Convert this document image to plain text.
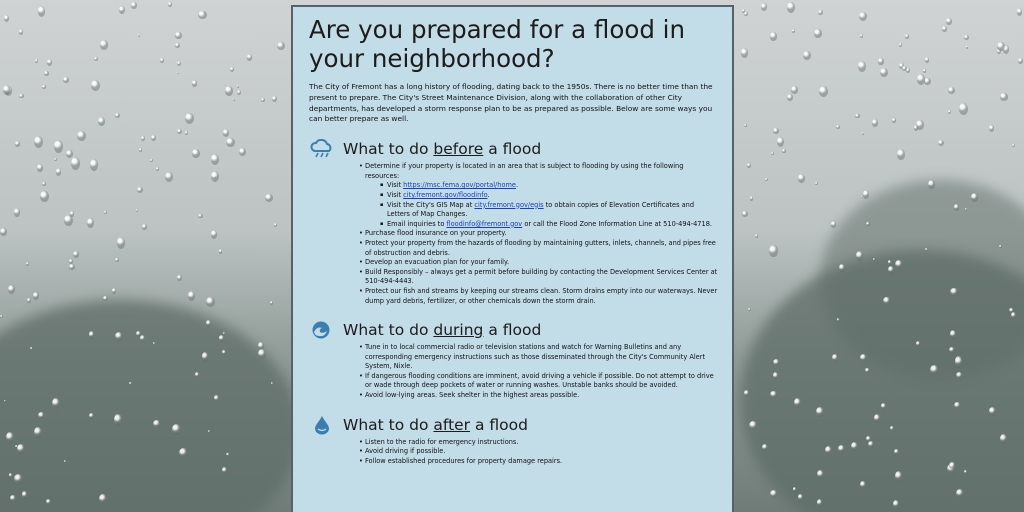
Are you prepared for a flood in your neighborhood?

The City of Fremont has a long history of flooding, dating back to the 1950s. There is no better time than the present to prepare. The City's Street Maintenance Division, along with the collaboration of other City departments, has developed a storm response plan to be as prepared as possible. Below are some ways you can better prepare as well.

What to do before a flood
• Determine if your property is located in an area that is subject to flooding by using the following resources:
▪ Visit https://msc.fema.gov/portal/home.
▪ Visit city.fremont.gov/floodinfo.
▪ Visit the City's GIS Map at city.fremont.gov/egis to obtain copies of Elevation Certificates and Letters of Map Changes.
▪ Email inquiries to floodinfo@fremont.gov or call the Flood Zone Information Line at 510-494-4718.
• Purchase flood insurance on your property.
• Protect your property from the hazards of flooding by maintaining gutters, inlets, channels, and pipes free of obstruction and debris.
• Develop an evacuation plan for your family.
• Build Responsibly – always get a permit before building by contacting the Development Services Center at 510-494-4443.
• Protect our fish and streams by keeping our streams clean. Storm drains empty into our waterways. Never dump yard debris, fertilizer, or other chemicals down the storm drain.
What to do during a flood
• Tune in to local commercial radio or television stations and watch for Warning Bulletins and any corresponding emergency instructions such as those disseminated through the City's Community Alert System, Nixle.
• If dangerous flooding conditions are imminent, avoid driving a vehicle if possible. Do not attempt to drive or wade through deep pockets of water or running washes. Unstable banks should be avoided.
• Avoid low-lying areas. Seek shelter in the highest areas possible.
What to do after a flood
• Listen to the radio for emergency instructions.
• Avoid driving if possible.
• Follow established procedures for property damage repairs.
